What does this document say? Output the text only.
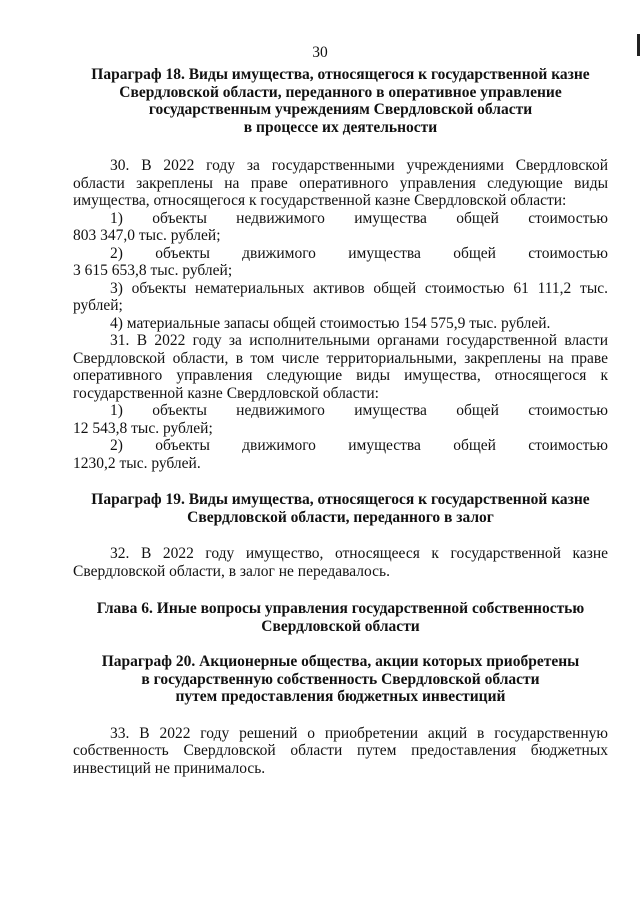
30
Параграф 18. Виды имущества, относящегося к государственной казне
Свердловской области, переданного в оперативное управление
государственным учреждениям Свердловской области
в процессе их деятельности

30. В 2022 году за государственными учреждениями Свердловской области закреплены на праве оперативного управления следующие виды имущества, относящегося к государственной казне Свердловской области:

1) объекты недвижимого имущества общей стоимостью
803 347,0 тыс. рублей;

2) объекты движимого имущества общей стоимостью
3 615 653,8 тыс. рублей;

3) объекты нематериальных активов общей стоимостью 61 111,2 тыс. рублей;

4) материальные запасы общей стоимостью 154 575,9 тыс. рублей.

31. В 2022 году за исполнительными органами государственной власти Свердловской области, в том числе территориальными, закреплены на праве оперативного управления следующие виды имущества, относящегося к государственной казне Свердловской области:

1) объекты недвижимого имущества общей стоимостью
12 543,8 тыс. рублей;

2) объекты движимого имущества общей стоимостью
1230,2 тыс. рублей.

Параграф 19. Виды имущества, относящегося к государственной казне
Свердловской области, переданного в залог

32. В 2022 году имущество, относящееся к государственной казне Свердловской области, в залог не передавалось.

Глава 6. Иные вопросы управления государственной собственностью
Свердловской области
Параграф 20. Акционерные общества, акции которых приобретены
в государственную собственность Свердловской области
путем предоставления бюджетных инвестиций

33. В 2022 году решений о приобретении акций в государственную собственность Свердловской области путем предоставления бюджетных инвестиций не принималось.
